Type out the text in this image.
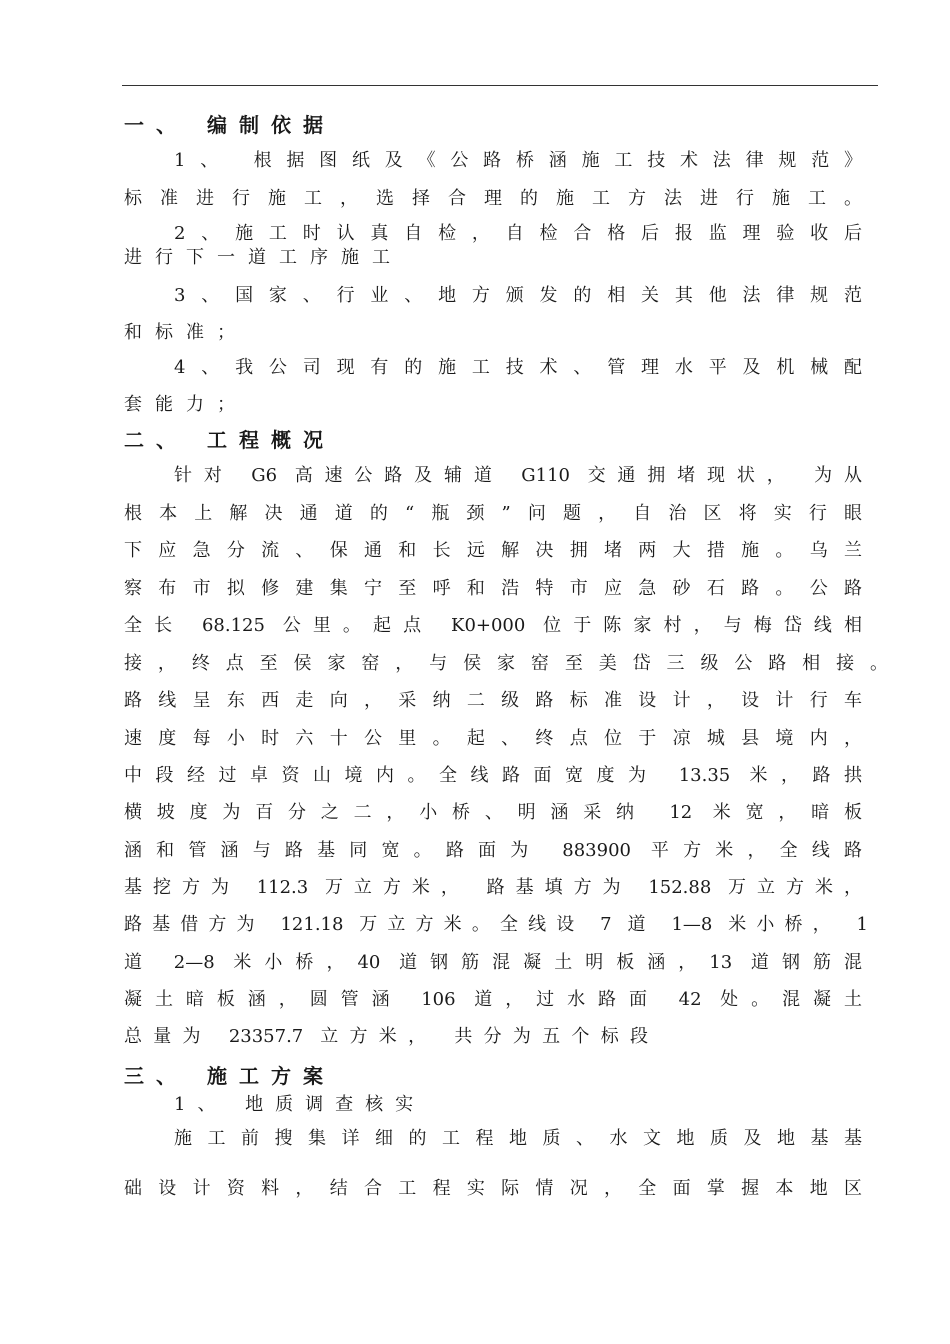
一、 编制依据
1、 根据图纸及《公路桥涵施工技术法律规范》
标准进行施工，选择合理的施工方法进行施工。
2、施工时认真自检，自检合格后报监理验收后
进行下一道工序施工
3、国家、行业、地方颁发的相关其他法律规范
和标准；
4、我公司现有的施工技术、管理水平及机械配
套能力；
二、 工程概况
针对 G6 高速公路及辅道 G110 交通拥堵现状， 为从
根本上解决通道的“瓶颈”问题，自治区将实行眼
下应急分流、保通和长远解决拥堵两大措施。乌兰
察布市拟修建集宁至呼和浩特市应急砂石路。公路
全长 68.125 公里。起点 K0+000 位于陈家村，与梅岱线相
接，终点至侯家窑，与侯家窑至美岱三级公路相接。
路线呈东西走向，采纳二级路标准设计，设计行车
速度每小时六十公里。起、终点位于凉城县境内，
中段经过卓资山境内。全线路面宽度为 13.35 米，路拱
横坡度为百分之二，小桥、明涵采纳 12 米宽，暗板
涵和管涵与路基同宽。路面为 883900 平方米，全线路
基挖方为 112.3 万立方米， 路基填方为 152.88 万立方米，
路基借方为 121.18 万立方米。全线设 7 道 1—8 米小桥， 1
道 2—8 米小桥，40 道钢筋混凝土明板涵，13 道钢筋混
凝土暗板涵，圆管涵 106 道，过水路面 42 处。混凝土
总量为 23357.7 立方米， 共分为五个标段
三、 施工方案
1、 地质调查核实
施工前搜集详细的工程地质、水文地质及地基基
础设计资料，结合工程实际情况，全面掌握本地区
